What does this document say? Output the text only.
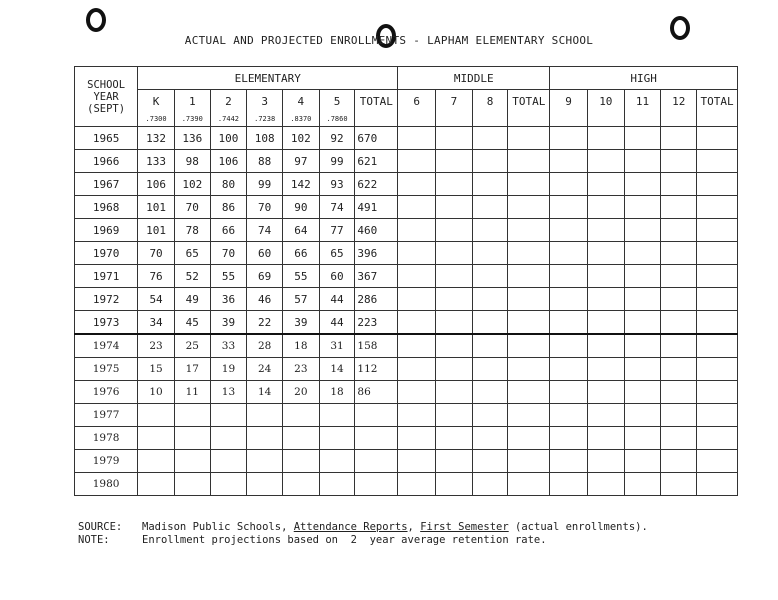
ACTUAL AND PROJECTED ENROLLMENTS - LAPHAM ELEMENTARY SCHOOL
SCHOOL
YEAR
(SEPT)	ELEMENTARY							MIDDLE				HIGH				
	K	1	2	3	4	5	TOTAL	6	7	8	TOTAL	9	10	11	12	TOTAL
	.7300	.7390	.7442	.7238	.8370	.7860										
1965	132	136	100	108	102	92	670									
1966	133	98	106	88	97	99	621									
1967	106	102	80	99	142	93	622									
1968	101	70	86	70	90	74	491									
1969	101	78	66	74	64	77	460									
1970	70	65	70	60	66	65	396									
1971	76	52	55	69	55	60	367									
1972	54	49	36	46	57	44	286									
1973	34	45	39	22	39	44	223									
1974	23	25	33	28	18	31	158									
1975	15	17	19	24	23	14	112									
1976	10	11	13	14	20	18	86									
1977																
1978																
1979																
1980																
SOURCE: Madison Public Schools, Attendance Reports, First Semester (actual enrollments).
NOTE:	Enrollment projections based on  2  year average retention rate.
